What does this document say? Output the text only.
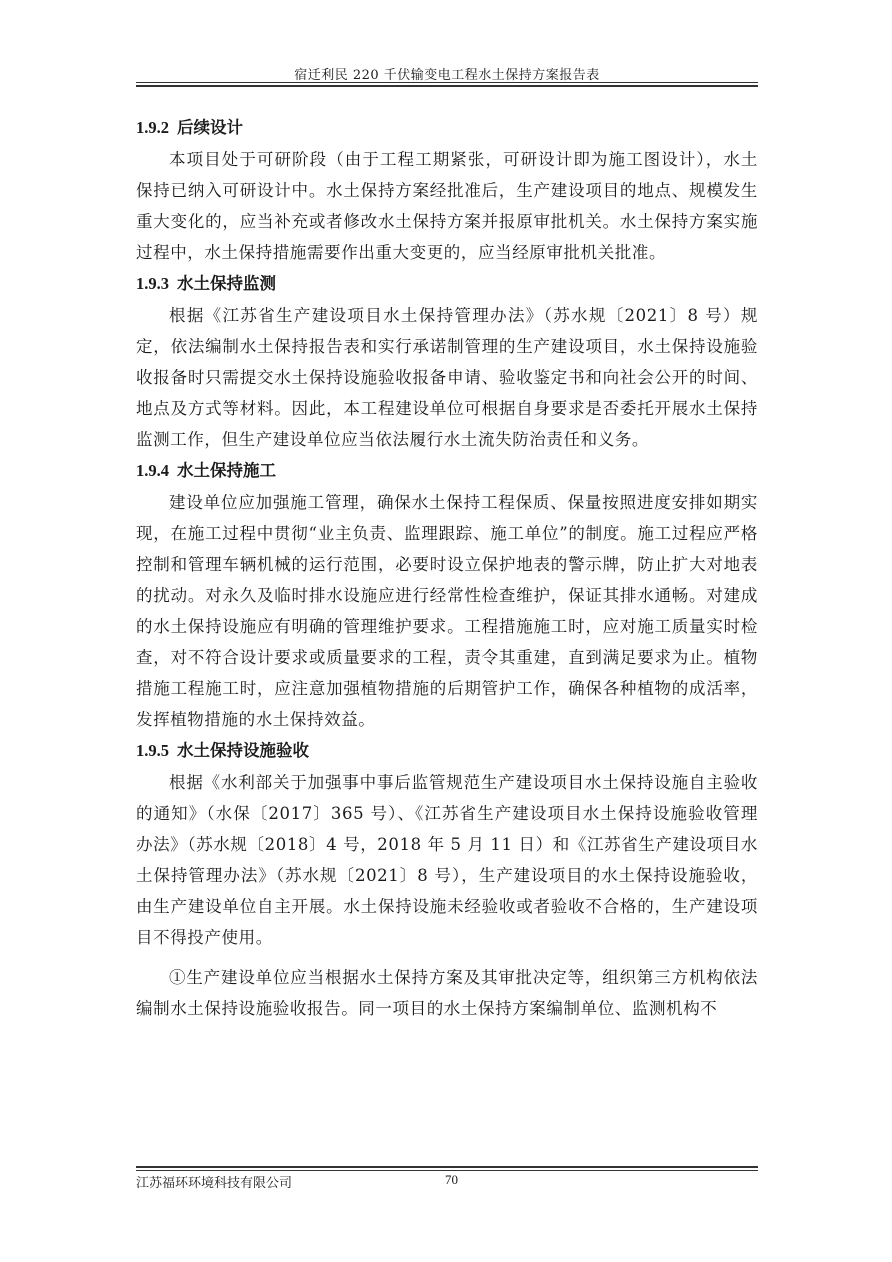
宿迁利民 220 千伏输变电工程水土保持方案报告表
1.9.2 后续设计

本项目处于可研阶段（由于工程工期紧张，可研设计即为施工图设计），水土保持已纳入可研设计中。水土保持方案经批准后，生产建设项目的地点、规模发生重大变化的，应当补充或者修改水土保持方案并报原审批机关。水土保持方案实施过程中，水土保持措施需要作出重大变更的，应当经原审批机关批准。

1.9.3 水土保持监测

根据《江苏省生产建设项目水土保持管理办法》（苏水规〔2021〕8 号）规定，依法编制水土保持报告表和实行承诺制管理的生产建设项目，水土保持设施验收报备时只需提交水土保持设施验收报备申请、验收鉴定书和向社会公开的时间、地点及方式等材料。因此，本工程建设单位可根据自身要求是否委托开展水土保持监测工作，但生产建设单位应当依法履行水土流失防治责任和义务。

1.9.4 水土保持施工

建设单位应加强施工管理，确保水土保持工程保质、保量按照进度安排如期实现，在施工过程中贯彻“业主负责、监理跟踪、施工单位”的制度。施工过程应严格控制和管理车辆机械的运行范围，必要时设立保护地表的警示牌，防止扩大对地表的扰动。对永久及临时排水设施应进行经常性检查维护，保证其排水通畅。对建成的水土保持设施应有明确的管理维护要求。工程措施施工时，应对施工质量实时检查，对不符合设计要求或质量要求的工程，责令其重建，直到满足要求为止。植物措施工程施工时，应注意加强植物措施的后期管护工作，确保各种植物的成活率，发挥植物措施的水土保持效益。

1.9.5 水土保持设施验收

根据《水利部关于加强事中事后监管规范生产建设项目水土保持设施自主验收的通知》（水保〔2017〕365 号）、《江苏省生产建设项目水土保持设施验收管理办法》（苏水规〔2018〕4 号，2018 年 5 月 11 日）和《江苏省生产建设项目水土保持管理办法》（苏水规〔2021〕8 号），生产建设项目的水土保持设施验收，由生产建设单位自主开展。水土保持设施未经验收或者验收不合格的，生产建设项目不得投产使用。

①生产建设单位应当根据水土保持方案及其审批决定等，组织第三方机构依法编制水土保持设施验收报告。同一项目的水土保持方案编制单位、监测机构不

江苏福环环境科技有限公司	70
